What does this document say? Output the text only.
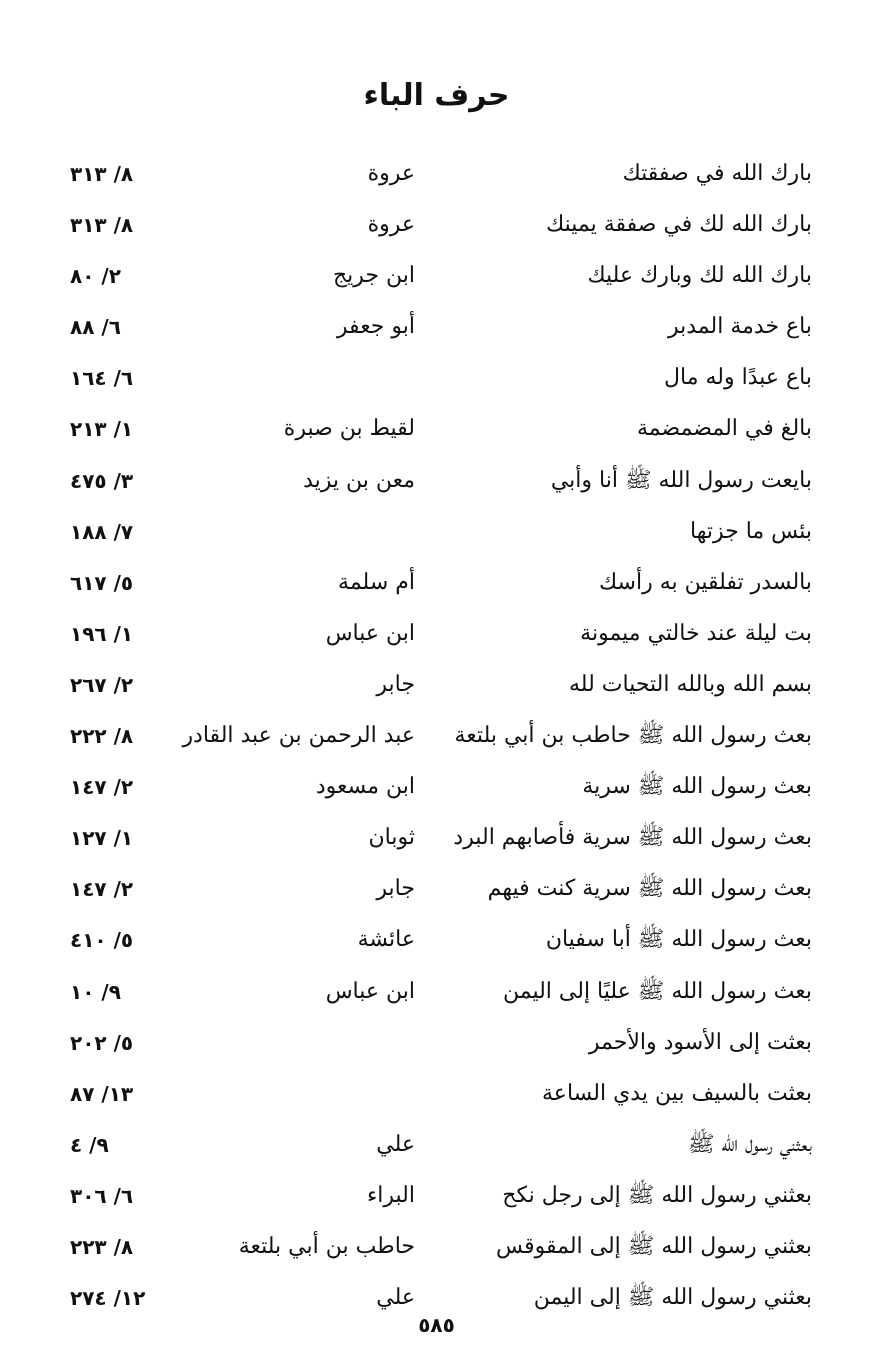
حرف الباء
بارك الله في صفقتك
عروة
٨/ ٣١٣
بارك الله لك في صفقة يمينك
عروة
٨/ ٣١٣
بارك الله لك وبارك عليك
ابن جريج
٢/ ٨٠
باع خدمة المدبر
أبو جعفر
٦/ ٨٨
باع عبدًا وله مال
٦/ ١٦٤
بالغ في المضمضمة
لقيط بن صبرة
١/ ٢١٣
بايعت رسول الله ﷺ أنا وأبي
معن بن يزيد
٣/ ٤٧٥
بئس ما جزتها
٧/ ١٨٨
بالسدر تفلقين به رأسك
أم سلمة
٥/ ٦١٧
بت ليلة عند خالتي ميمونة
ابن عباس
١/ ١٩٦
بسم الله وبالله التحيات لله
جابر
٢/ ٢٦٧
بعث رسول الله ﷺ حاطب بن أبي بلتعة
عبد الرحمن بن عبد القادر
٨/ ٢٢٢
بعث رسول الله ﷺ سرية
ابن مسعود
٢/ ١٤٧
بعث رسول الله ﷺ سرية فأصابهم البرد
ثوبان
١/ ١٢٧
بعث رسول الله ﷺ سرية كنت فيهم
جابر
٢/ ١٤٧
بعث رسول الله ﷺ أبا سفيان
عائشة
٥/ ٤١٠
بعث رسول الله ﷺ عليًا إلى اليمن
ابن عباس
٩/ ١٠
بعثت إلى الأسود والأحمر
٥/ ٢٠٢
بعثت بالسيف بين يدي الساعة
١٣/ ٨٧
بعثني رسول الله ﷺ
علي
٩/ ٤
بعثني رسول الله ﷺ إلى رجل نكح
البراء
٦/ ٣٠٦
بعثني رسول الله ﷺ إلى المقوقس
حاطب بن أبي بلتعة
٨/ ٢٢٣
بعثني رسول الله ﷺ إلى اليمن
علي
١٢/ ٢٧٤
٥٨٥
